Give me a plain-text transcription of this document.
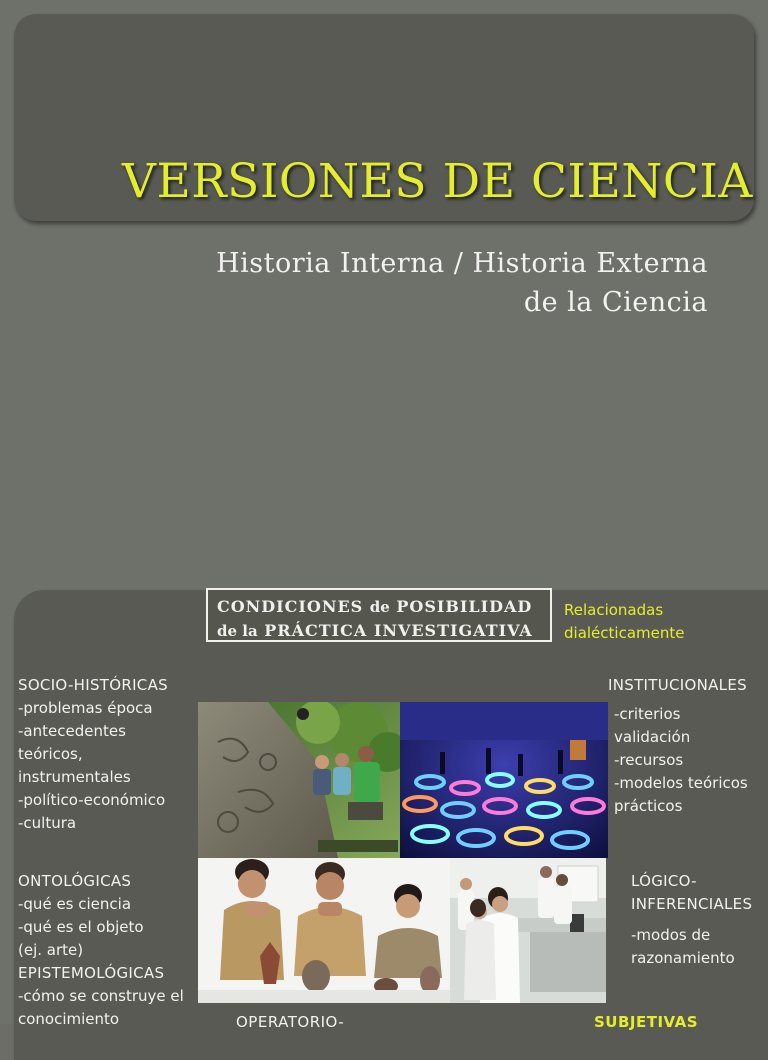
VERSIONES DE CIENCIA
Historia Interna / Historia Externa
de la Ciencia
CONDICIONES de POSIBILIDAD
de la PRÁCTICA INVESTIGATIVA
Relacionadas
dialécticamente
SOCIO-HISTÓRICAS
-problemas época
-antecedentes
teóricos,
instrumentales
-político-económico
-cultura
INSTITUCIONALES
-criterios
validación
-recursos
-modelos teóricos
prácticos
ONTOLÓGICAS
-qué es ciencia
-qué es el objeto
(ej. arte)
EPISTEMOLÓGICAS
-cómo se construye el
conocimiento
LÓGICO-
INFERENCIALES
-modos de
razonamiento
OPERATORIO-	SUBJETIVAS
